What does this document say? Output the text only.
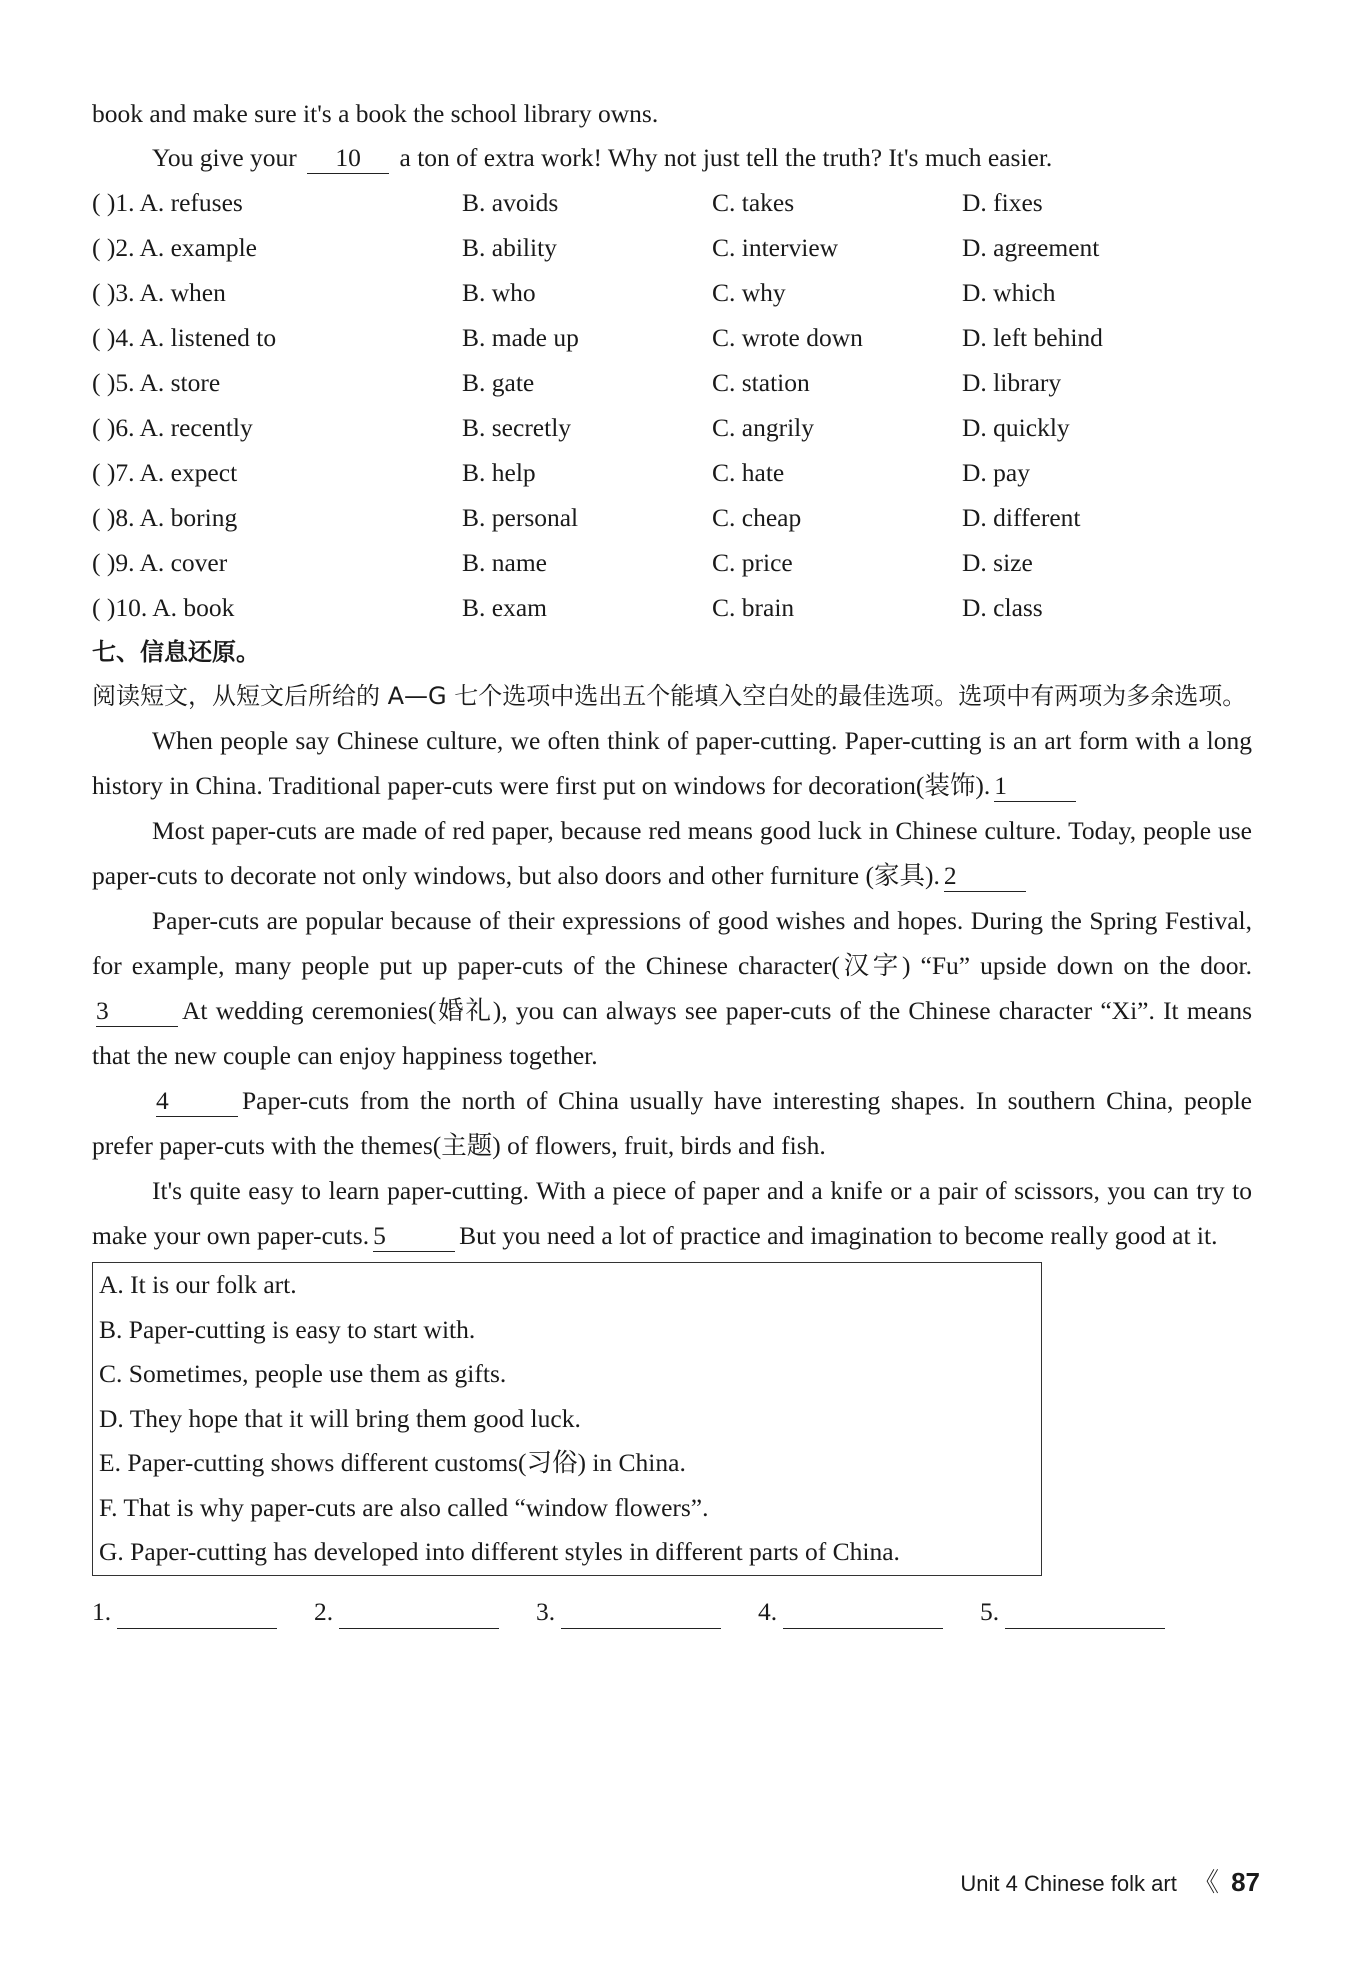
book and make sure it's a book the school library owns.
You give your 10 a ton of extra work! Why not just tell the truth? It's much easier.
( )1. A. refuses	B. avoids	C. takes	D. fixes
( )2. A. example	B. ability	C. interview	D. agreement
( )3. A. when	B. who	C. why	D. which
( )4. A. listened to	B. made up	C. wrote down	D. left behind
( )5. A. store	B. gate	C. station	D. library
( )6. A. recently	B. secretly	C. angrily	D. quickly
( )7. A. expect	B. help	C. hate	D. pay
( )8. A. boring	B. personal	C. cheap	D. different
( )9. A. cover	B. name	C. price	D. size
( )10. A. book	B. exam	C. brain	D. class
七、信息还原。
阅读短文，从短文后所给的 A—G 七个选项中选出五个能填入空白处的最佳选项。选项中有两项为多余选项。
When people say Chinese culture, we often think of paper-cutting. Paper-cutting is an art form with a long history in China. Traditional paper-cuts were first put on windows for decoration(装饰). 1
Most paper-cuts are made of red paper, because red means good luck in Chinese culture. Today, people use paper-cuts to decorate not only windows, but also doors and other furniture (家具). 2
Paper-cuts are popular because of their expressions of good wishes and hopes. During the Spring Festival, for example, many people put up paper-cuts of the Chinese character(汉字) “Fu” upside down on the door.3	At wedding ceremonies(婚礼), you can always see paper-cuts of the Chinese character “Xi”. It means that the new couple can enjoy happiness together.
4	Paper-cuts from the north of China usually have interesting shapes. In southern China, people prefer paper-cuts with the themes(主题) of flowers, fruit, birds and fish.
It's quite easy to learn paper-cutting. With a piece of paper and a knife or a pair of scissors, you can try to make your own paper-cuts. 5	But you need a lot of practice and imagination to become really good at it.
A. It is our folk art.
B. Paper-cutting is easy to start with.
C. Sometimes, people use them as gifts.
D. They hope that it will bring them good luck.
E. Paper-cutting shows different customs(习俗) in China.
F. That is why paper-cuts are also called “window flowers”.
G. Paper-cutting has developed into different styles in different parts of China.
1.	2.	3.	4.	5.
Unit 4 Chinese folk art 《 87
